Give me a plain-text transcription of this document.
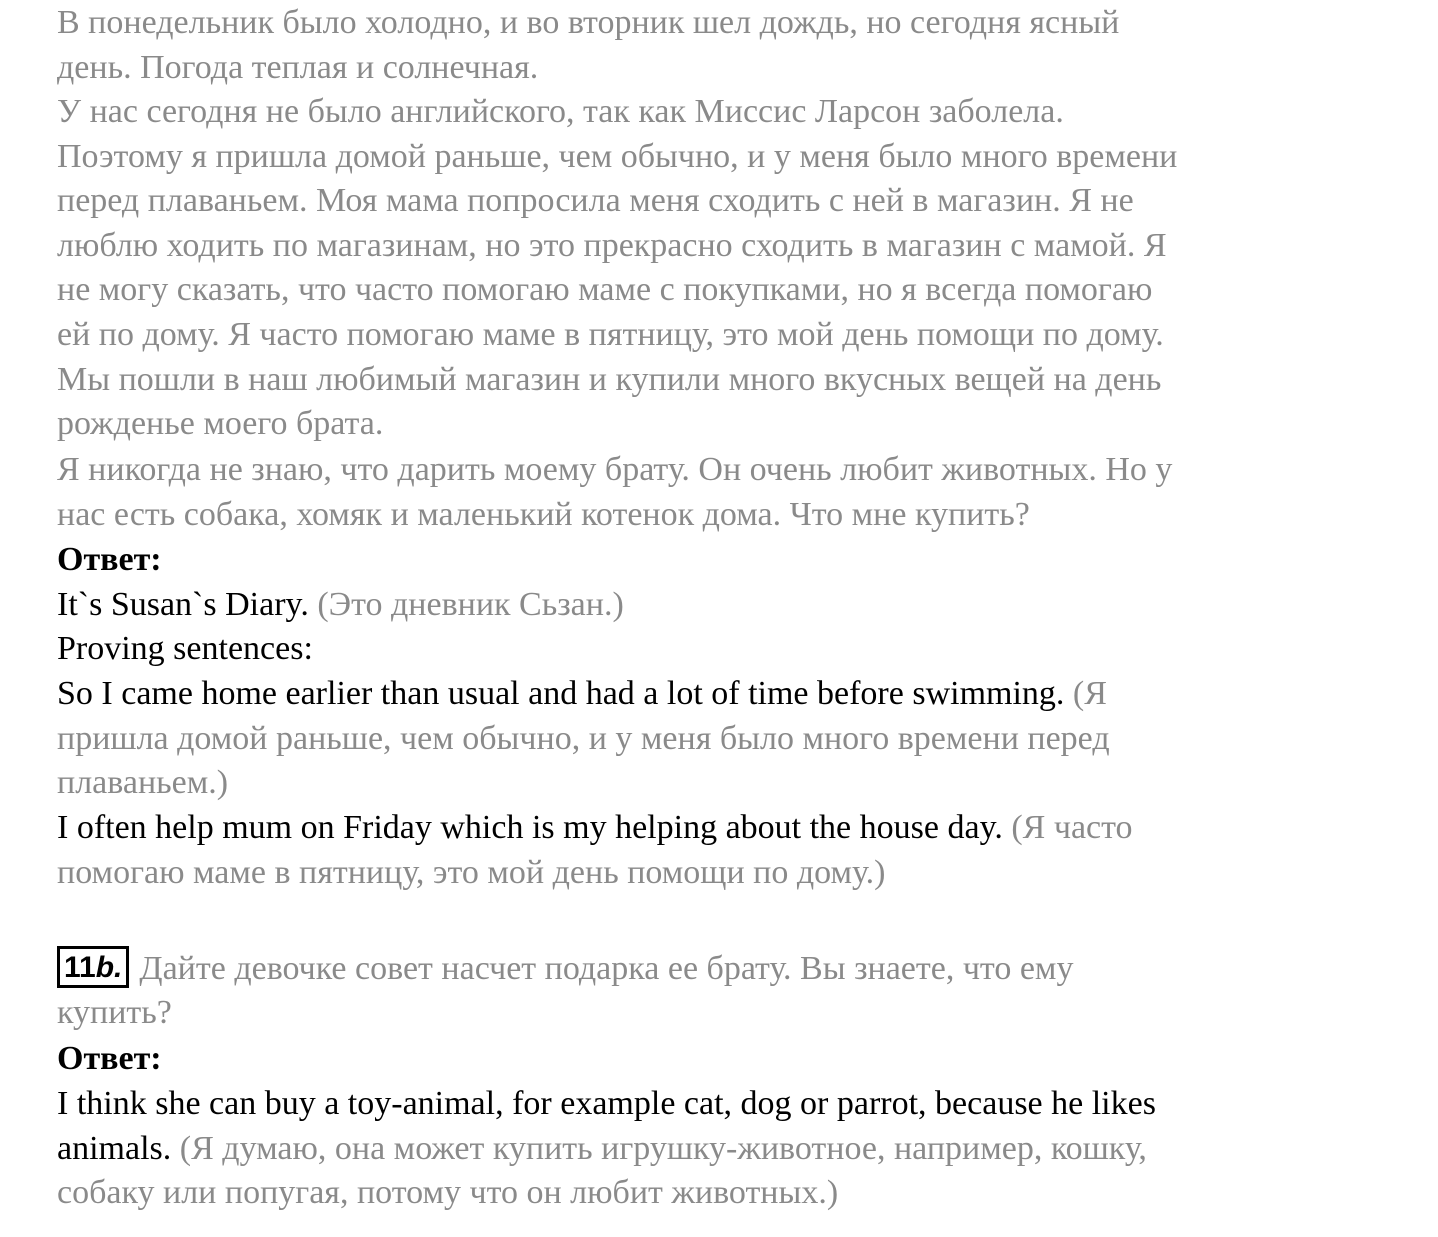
В понедельник было холодно, и во вторник шел дождь, но сегодня ясный
день. Погода теплая и солнечная.
У нас сегодня не было английского, так как Миссис Ларсон заболела.
Поэтому я пришла домой раньше, чем обычно, и у меня было много времени
перед плаваньем. Моя мама попросила меня сходить с ней в магазин. Я не
люблю ходить по магазинам, но это прекрасно сходить в магазин с мамой. Я
не могу сказать, что часто помогаю маме с покупками, но я всегда помогаю
ей по дому. Я часто помогаю маме в пятницу, это мой день помощи по дому.
Мы пошли в наш любимый магазин и купили много вкусных вещей на день
рожденье моего брата.
Я никогда не знаю, что дарить моему брату. Он очень любит животных. Но у
нас есть собака, хомяк и маленький котенок дома. Что мне купить?
Ответ:
It`s Susan`s Diary. (Это дневник Сьзан.)
Proving sentences:
So I came home earlier than usual and had a lot of time before swimming. (Я
пришла домой раньше, чем обычно, и у меня было много времени перед
плаваньем.)
I often help mum on Friday which is my helping about the house day. (Я часто
помогаю маме в пятницу, это мой день помощи по дому.)
11b. Дайте девочке совет насчет подарка ее брату. Вы знаете, что ему
купить?
Ответ:
I think she can buy a toy-animal, for example cat, dog or parrot, because he likes
animals. (Я думаю, она может купить игрушку-животное, например, кошку,
собаку или попугая, потому что он любит животных.)
